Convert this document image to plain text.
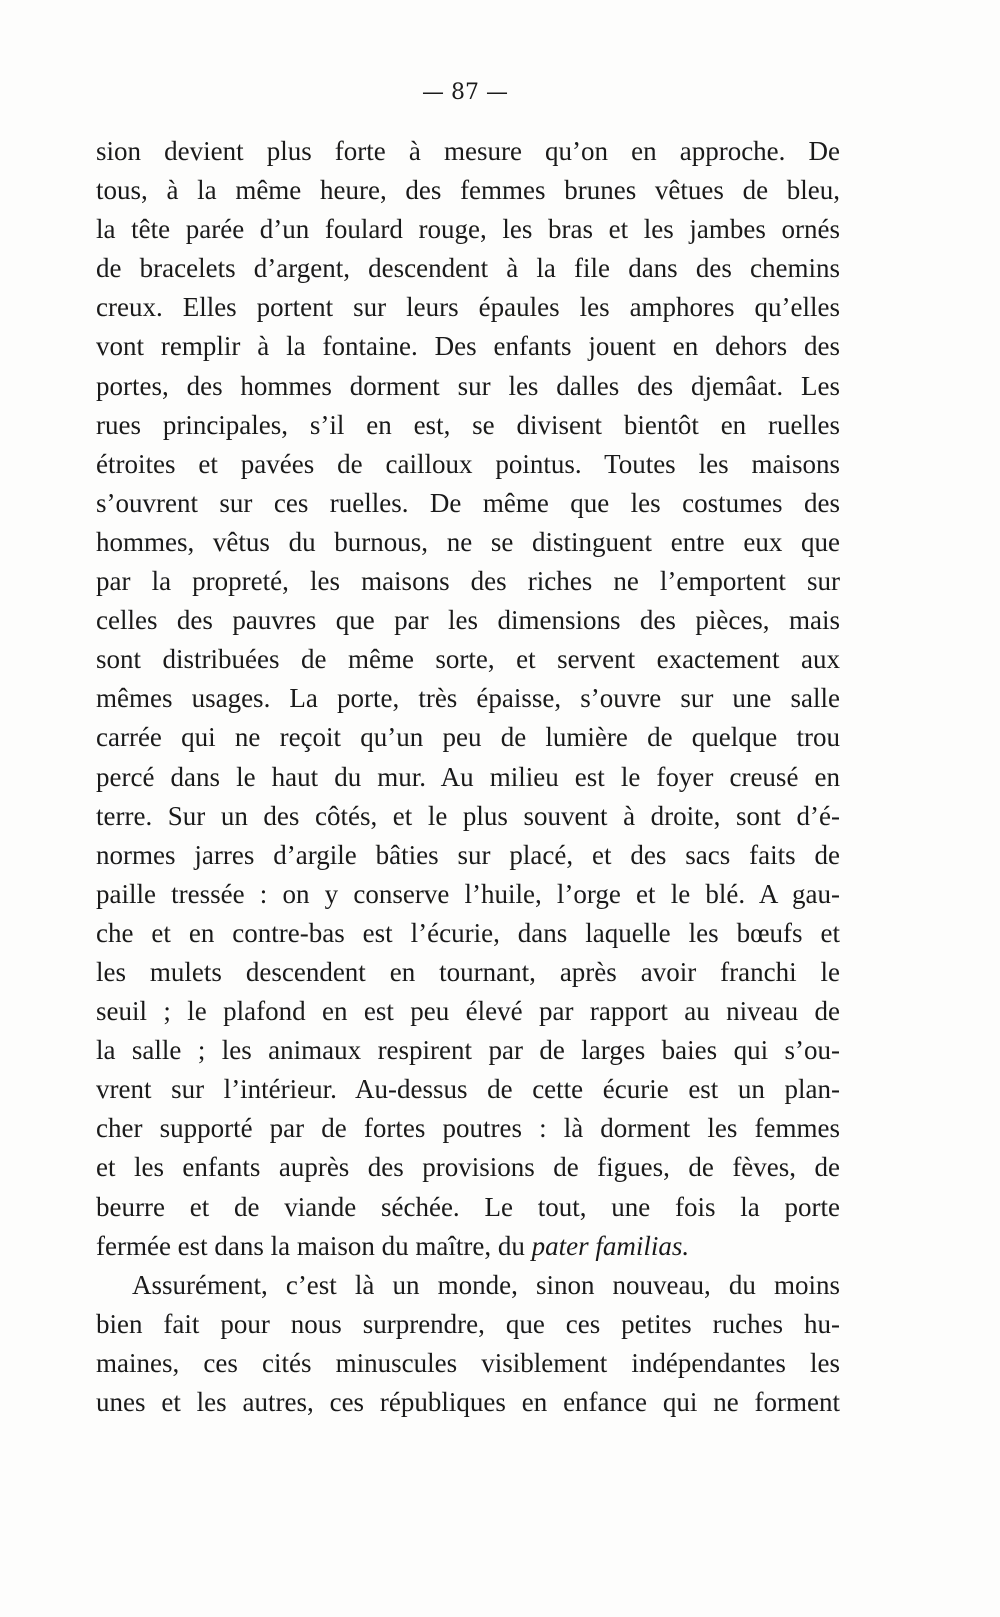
— 87 —
sion devient plus forte à mesure qu’on en approche. De
tous, à la même heure, des femmes brunes vêtues de bleu,
la tête parée d’un foulard rouge, les bras et les jambes ornés
de bracelets d’argent, descendent à la file dans des chemins
creux. Elles portent sur leurs épaules les amphores qu’elles
vont remplir à la fontaine. Des enfants jouent en dehors des
portes, des hommes dorment sur les dalles des djemâat. Les
rues principales, s’il en est, se divisent bientôt en ruelles
étroites et pavées de cailloux pointus. Toutes les maisons
s’ouvrent sur ces ruelles. De même que les costumes des
hommes, vêtus du burnous, ne se distinguent entre eux que
par la propreté, les maisons des riches ne l’emportent sur
celles des pauvres que par les dimensions des pièces, mais
sont distribuées de même sorte, et servent exactement aux
mêmes usages. La porte, très épaisse, s’ouvre sur une salle
carrée qui ne reçoit qu’un peu de lumière de quelque trou
percé dans le haut du mur. Au milieu est le foyer creusé en
terre. Sur un des côtés, et le plus souvent à droite, sont d’é-
normes jarres d’argile bâties sur placé, et des sacs faits de
paille tressée : on y conserve l’huile, l’orge et le blé. A gau-
che et en contre-bas est l’écurie, dans laquelle les bœufs et
les mulets descendent en tournant, après avoir franchi le
seuil ; le plafond en est peu élevé par rapport au niveau de
la salle ; les animaux respirent par de larges baies qui s’ou-
vrent sur l’intérieur. Au-dessus de cette écurie est un plan-
cher supporté par de fortes poutres : là dorment les femmes
et les enfants auprès des provisions de figues, de fèves, de
beurre et de viande séchée. Le tout, une fois la porte
fermée est dans la maison du maître, du pater familias.
Assurément, c’est là un monde, sinon nouveau, du moins
bien fait pour nous surprendre, que ces petites ruches hu-
maines, ces cités minuscules visiblement indépendantes les
unes et les autres, ces républiques en enfance qui ne forment
